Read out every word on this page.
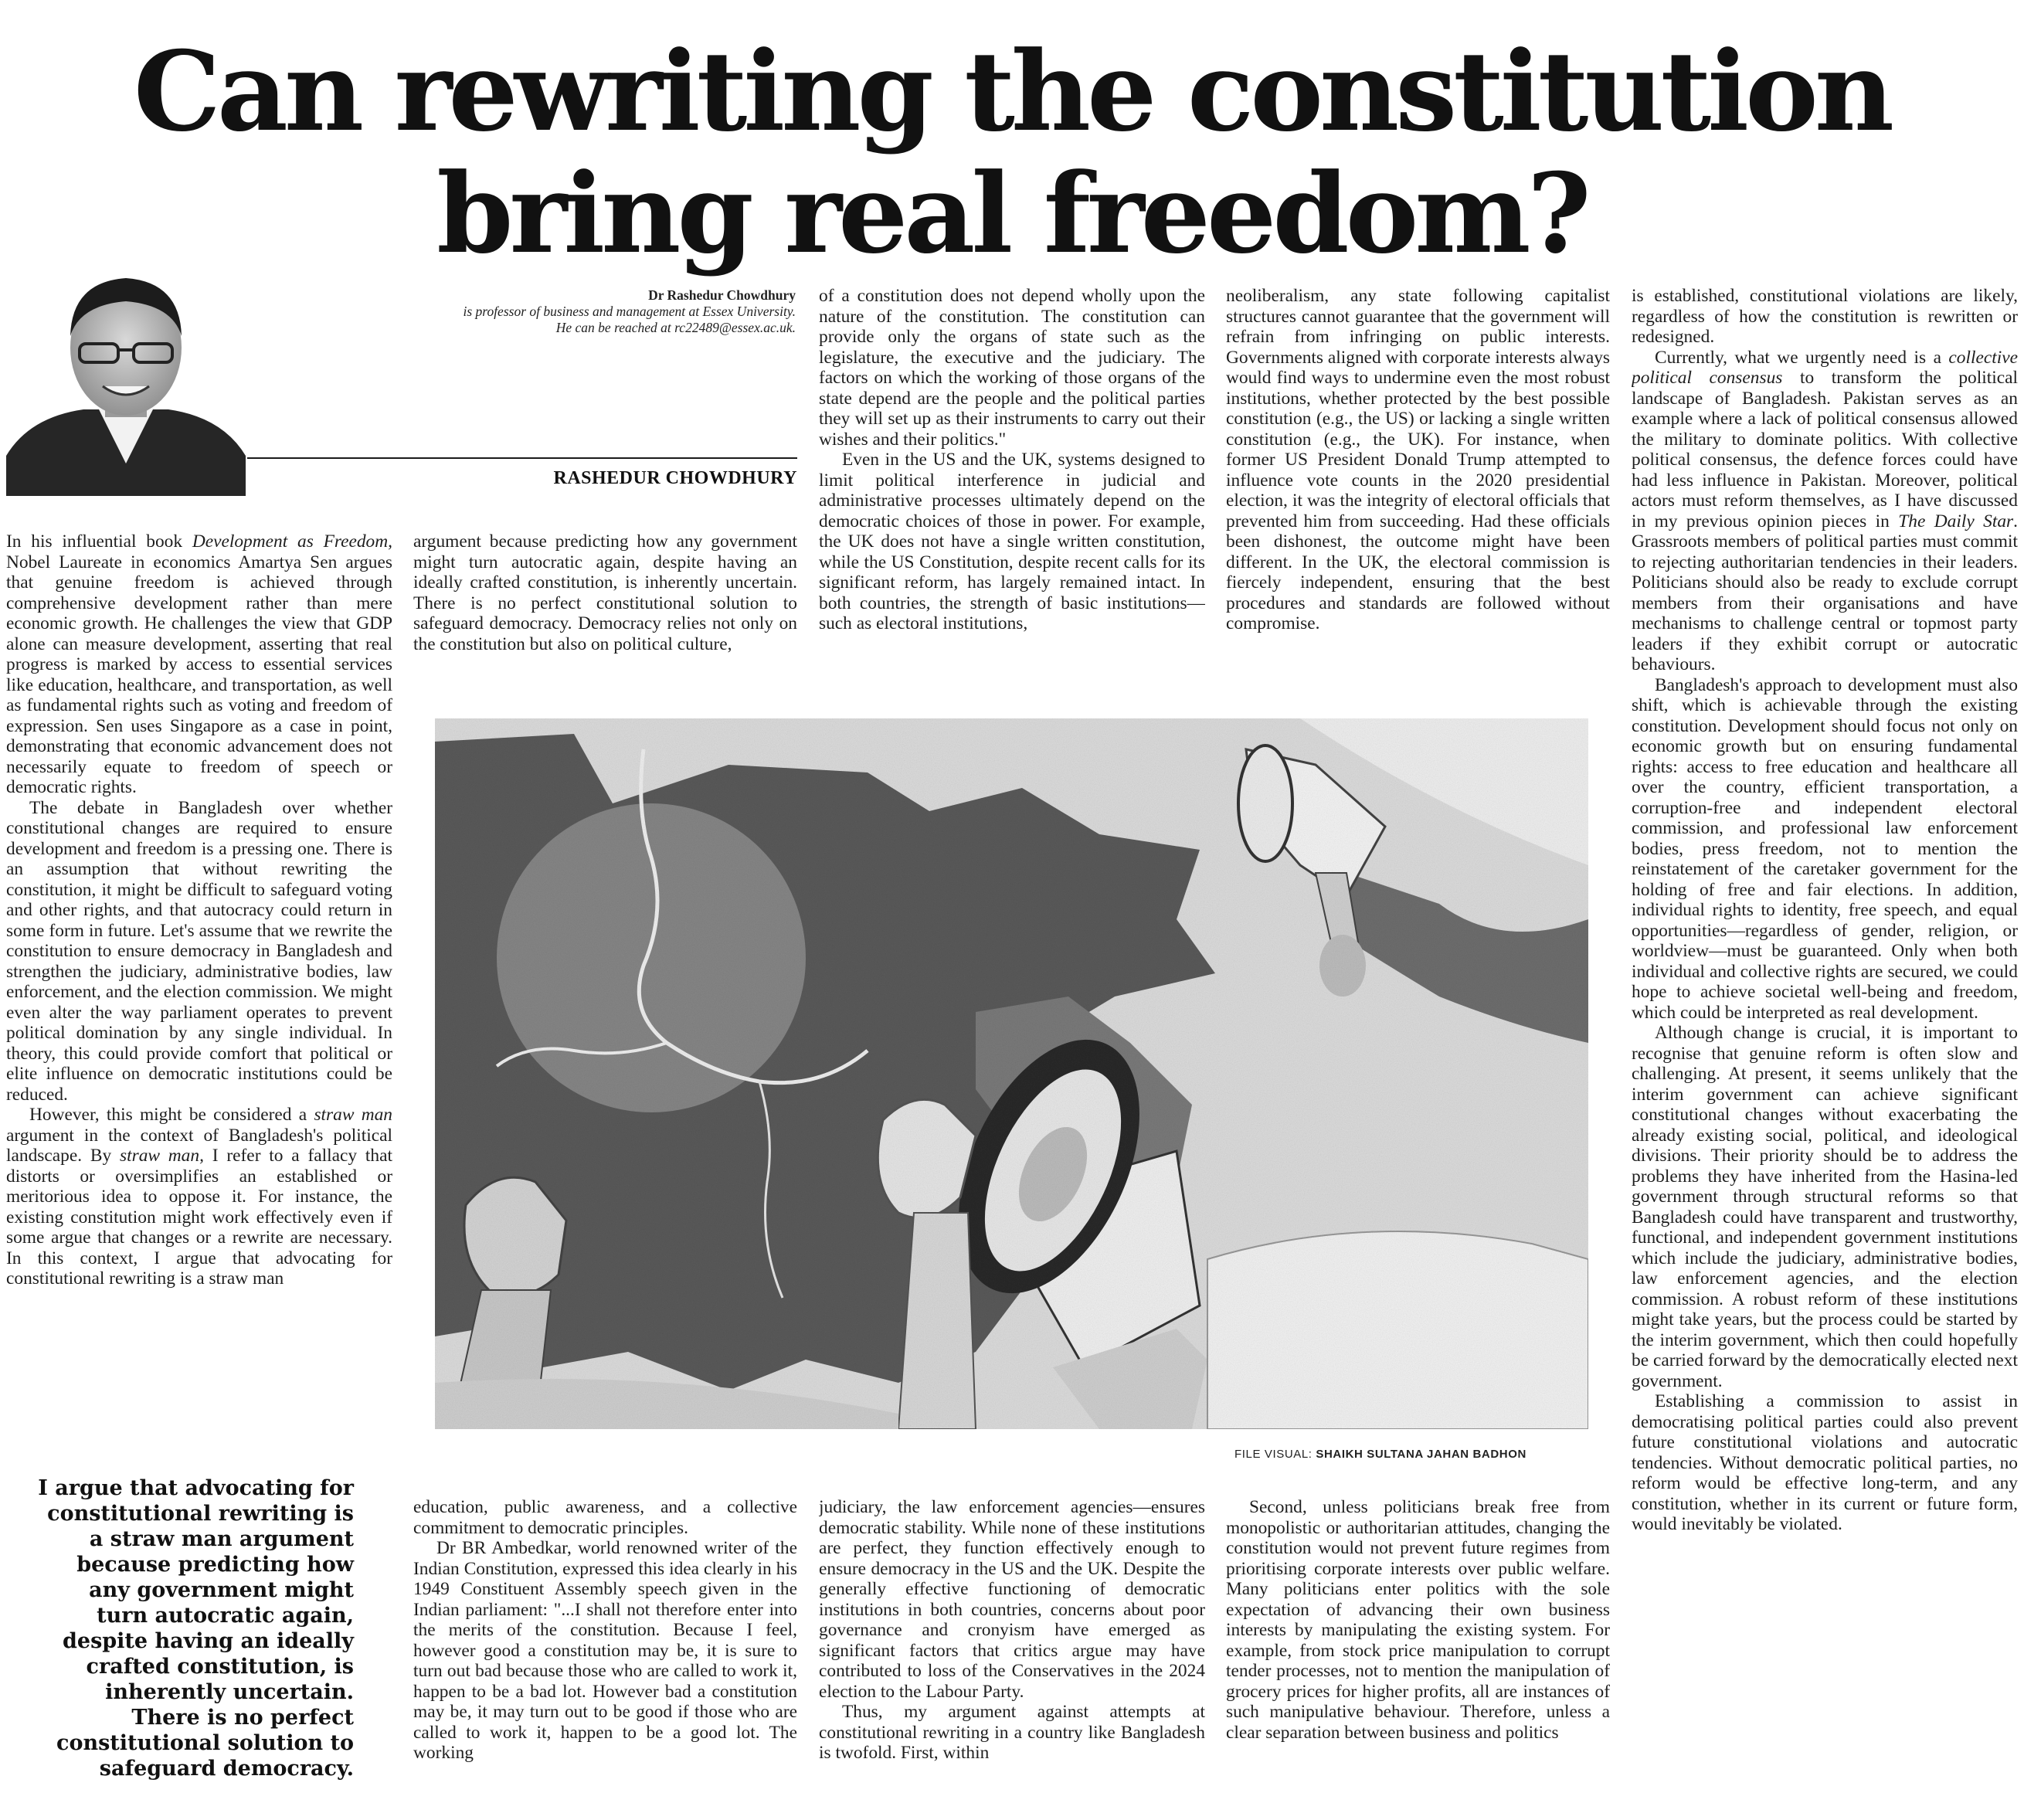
Can rewriting the constitution
bring real freedom?
Dr Rashedur Chowdhury
is professor of business and management at Essex University.
He can be reached at rc22489@essex.ac.uk.
RASHEDUR CHOWDHURY

In his influential book Development as Freedom, Nobel Laureate in economics Amartya Sen argues that genuine freedom is achieved through comprehensive development rather than mere economic growth. He challenges the view that GDP alone can measure development, asserting that real progress is marked by access to essential services like education, healthcare, and transportation, as well as fundamental rights such as voting and freedom of expression. Sen uses Singapore as a case in point, demonstrating that economic advancement does not necessarily equate to freedom of speech or democratic rights.

The debate in Bangladesh over whether constitutional changes are required to ensure development and freedom is a pressing one. There is an assumption that without rewriting the constitution, it might be difficult to safeguard voting and other rights, and that autocracy could return in some form in future. Let's assume that we rewrite the constitution to ensure democracy in Bangladesh and strengthen the judiciary, administrative bodies, law enforcement, and the election commission. We might even alter the way parliament operates to prevent political domination by any single individual. In theory, this could provide comfort that political or elite influence on democratic institutions could be reduced.

However, this might be considered a straw man argument in the context of Bangladesh's political landscape. By straw man, I refer to a fallacy that distorts or oversimplifies an established or meritorious idea to oppose it. For instance, the existing constitution might work effectively even if some argue that changes or a rewrite are necessary. In this context, I argue that advocating for constitutional rewriting is a straw man

I argue that advocating for constitutional rewriting is a straw man argument because predicting how any government might turn autocratic again, despite having an ideally crafted constitution, is inherently uncertain. There is no perfect constitutional solution to safeguard democracy.

argument because predicting how any government might turn autocratic again, despite having an ideally crafted constitution, is inherently uncertain. There is no perfect constitutional solution to safeguard democracy. Democracy relies not only on the constitution but also on political culture,

of a constitution does not depend wholly upon the nature of the constitution. The constitution can provide only the organs of state such as the legislature, the executive and the judiciary. The factors on which the working of those organs of the state depend are the people and the political parties they will set up as their instruments to carry out their wishes and their politics."

Even in the US and the UK, systems designed to limit political interference in judicial and administrative processes ultimately depend on the democratic choices of those in power. For example, the UK does not have a single written constitution, while the US Constitution, despite recent calls for its significant reform, has largely remained intact. In both countries, the strength of basic institutions—such as electoral institutions,

neoliberalism, any state following capitalist structures cannot guarantee that the government will refrain from infringing on public interests. Governments aligned with corporate interests always would find ways to undermine even the most robust institutions, whether protected by the best possible constitution (e.g., the US) or lacking a single written constitution (e.g., the UK). For instance, when former US President Donald Trump attempted to influence vote counts in the 2020 presidential election, it was the integrity of electoral officials that prevented him from succeeding. Had these officials been dishonest, the outcome might have been different. In the UK, the electoral commission is fiercely independent, ensuring that the best procedures and standards are followed without compromise.

is established, constitutional violations are likely, regardless of how the constitution is rewritten or redesigned.

Currently, what we urgently need is a collective political consensus to transform the political landscape of Bangladesh. Pakistan serves as an example where a lack of political consensus allowed the military to dominate politics. With collective political consensus, the defence forces could have had less influence in Pakistan. Moreover, political actors must reform themselves, as I have discussed in my previous opinion pieces in The Daily Star. Grassroots members of political parties must commit to rejecting authoritarian tendencies in their leaders. Politicians should also be ready to exclude corrupt members from their organisations and have mechanisms to challenge central or topmost party leaders if they exhibit corrupt or autocratic behaviours.

Bangladesh's approach to development must also shift, which is achievable through the existing constitution. Development should focus not only on economic growth but on ensuring fundamental rights: access to free education and healthcare all over the country, efficient transportation, a corruption-free and independent electoral commission, and professional law enforcement bodies, press freedom, not to mention the reinstatement of the caretaker government for the holding of free and fair elections. In addition, individual rights to identity, free speech, and equal opportunities—regardless of gender, religion, or worldview—must be guaranteed. Only when both individual and collective rights are secured, we could hope to achieve societal well-being and freedom, which could be interpreted as real development.

Although change is crucial, it is important to recognise that genuine reform is often slow and challenging. At present, it seems unlikely that the interim government can achieve significant constitutional changes without exacerbating the already existing social, political, and ideological divisions. Their priority should be to address the problems they have inherited from the Hasina-led government through structural reforms so that Bangladesh could have transparent and trustworthy, functional, and independent government institutions which include the judiciary, administrative bodies, law enforcement agencies, and the election commission. A robust reform of these institutions might take years, but the process could be started by the interim government, which then could hopefully be carried forward by the democratically elected next government.

Establishing a commission to assist in democratising political parties could also prevent future constitutional violations and autocratic tendencies. Without democratic political parties, no reform would be effective long-term, and any constitution, whether in its current or future form, would inevitably be violated.

FILE VISUAL: SHAIKH SULTANA JAHAN BADHON

education, public awareness, and a collective commitment to democratic principles.

Dr BR Ambedkar, world renowned writer of the Indian Constitution, expressed this idea clearly in his 1949 Constituent Assembly speech given in the Indian parliament: "...I shall not therefore enter into the merits of the constitution. Because I feel, however good a constitution may be, it is sure to turn out bad because those who are called to work it, happen to be a bad lot. However bad a constitution may be, it may turn out to be good if those who are called to work it, happen to be a good lot. The working

judiciary, the law enforcement agencies—ensures democratic stability. While none of these institutions are perfect, they function effectively enough to ensure democracy in the US and the UK. Despite the generally effective functioning of democratic institutions in both countries, concerns about poor governance and cronyism have emerged as significant factors that critics argue may have contributed to loss of the Conservatives in the 2024 election to the Labour Party.

Thus, my argument against attempts at constitutional rewriting in a country like Bangladesh is twofold. First, within

Second, unless politicians break free from monopolistic or authoritarian attitudes, changing the constitution would not prevent future regimes from prioritising corporate interests over public welfare. Many politicians enter politics with the sole expectation of advancing their own business interests by manipulating the existing system. For example, from stock price manipulation to corrupt tender processes, not to mention the manipulation of grocery prices for higher profits, all are instances of such manipulative behaviour. Therefore, unless a clear separation between business and politics
